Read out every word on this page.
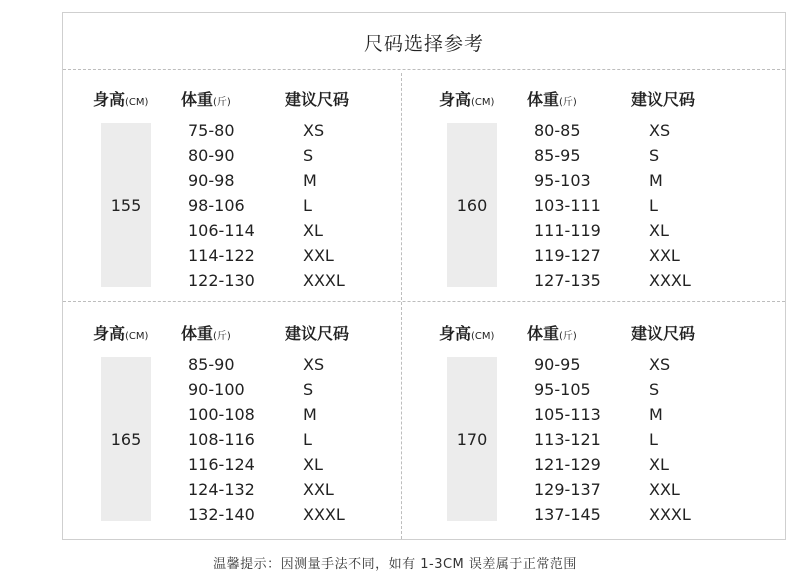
尺码选择参考
身高(CM) 体重(斤)	建议尺码
155
75-80	XS
80-90	S
90-98	M
98-106	L
106-114	XL
114-122	XXL
122-130	XXXL
身高(CM) 体重(斤)	建议尺码
160
80-85	XS
85-95	S
95-103	M
103-111	L
111-119	XL
119-127	XXL
127-135	XXXL
身高(CM) 体重(斤)	建议尺码
165
85-90	XS
90-100	S
100-108	M
108-116	L
116-124	XL
124-132	XXL
132-140	XXXL
身高(CM) 体重(斤)	建议尺码
170
90-95	XS
95-105	S
105-113	M
113-121	L
121-129	XL
129-137	XXL
137-145	XXXL
温馨提示：因测量手法不同，如有 1-3CM 误差属于正常范围
